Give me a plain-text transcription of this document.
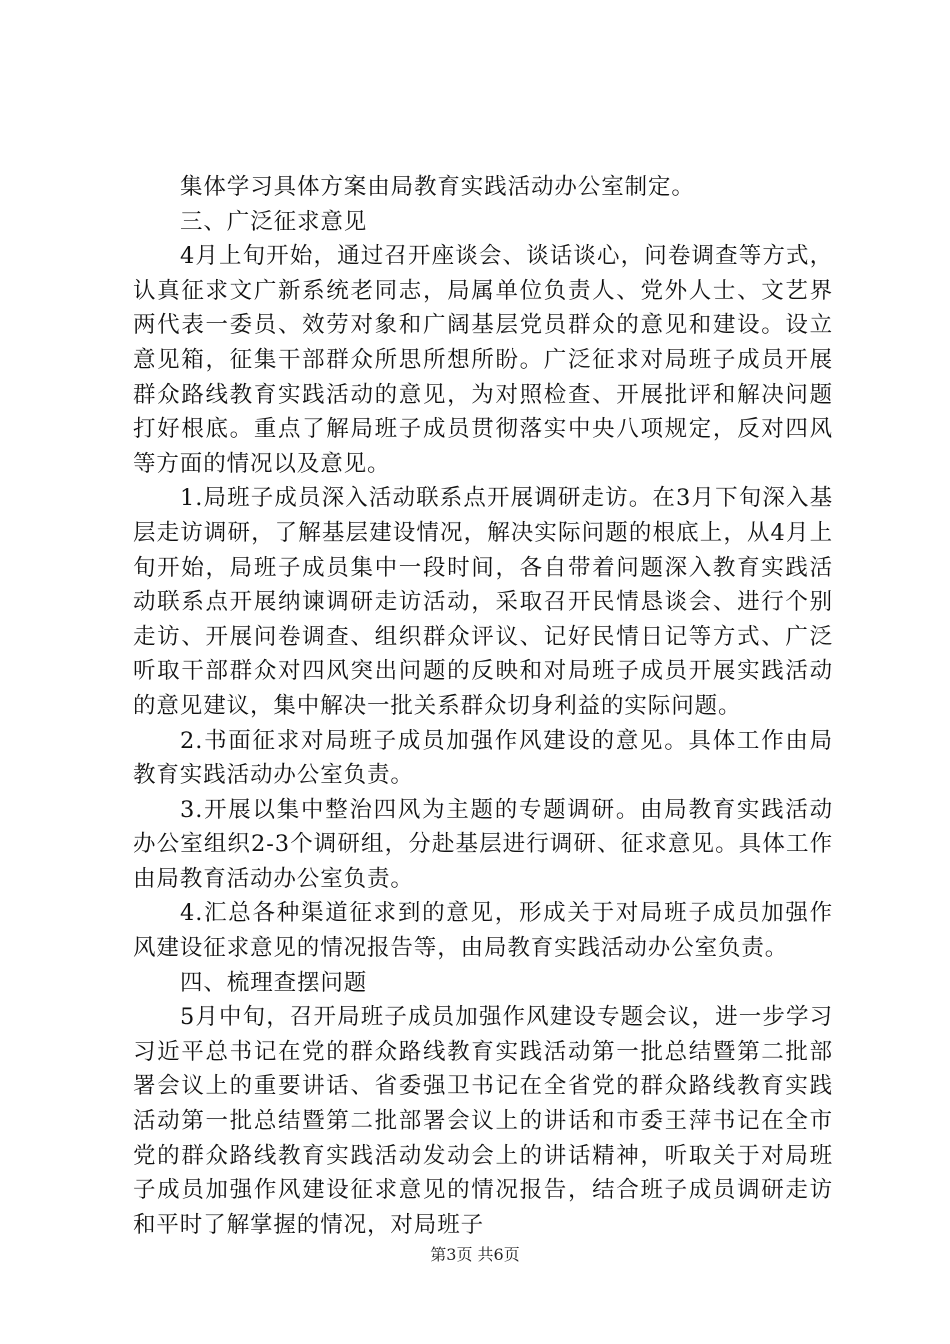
集体学习具体方案由局教育实践活动办公室制定。

三、广泛征求意见

4月上旬开始，通过召开座谈会、谈话谈心，问卷调查等方式，认真征求文广新系统老同志，局属单位负责人、党外人士、文艺界两代表一委员、效劳对象和广阔基层党员群众的意见和建设。设立意见箱，征集干部群众所思所想所盼。广泛征求对局班子成员开展群众路线教育实践活动的意见，为对照检查、开展批评和解决问题打好根底。重点了解局班子成员贯彻落实中央八项规定，反对四风等方面的情况以及意见。

1.局班子成员深入活动联系点开展调研走访。在3月下旬深入基层走访调研，了解基层建设情况，解决实际问题的根底上，从4月上旬开始，局班子成员集中一段时间，各自带着问题深入教育实践活动联系点开展纳谏调研走访活动，采取召开民情恳谈会、进行个别走访、开展问卷调查、组织群众评议、记好民情日记等方式、广泛听取干部群众对四风突出问题的反映和对局班子成员开展实践活动的意见建议，集中解决一批关系群众切身利益的实际问题。

2.书面征求对局班子成员加强作风建设的意见。具体工作由局教育实践活动办公室负责。

3.开展以集中整治四风为主题的专题调研。由局教育实践活动办公室组织2-3个调研组，分赴基层进行调研、征求意见。具体工作由局教育活动办公室负责。

4.汇总各种渠道征求到的意见，形成关于对局班子成员加强作风建设征求意见的情况报告等，由局教育实践活动办公室负责。

四、梳理查摆问题

5月中旬，召开局班子成员加强作风建设专题会议，进一步学习习近平总书记在党的群众路线教育实践活动第一批总结暨第二批部署会议上的重要讲话、省委强卫书记在全省党的群众路线教育实践活动第一批总结暨第二批部署会议上的讲话和市委王萍书记在全市党的群众路线教育实践活动发动会上的讲话精神，听取关于对局班子成员加强作风建设征求意见的情况报告，结合班子成员调研走访和平时了解掌握的情况，对局班子

第3页 共6页
